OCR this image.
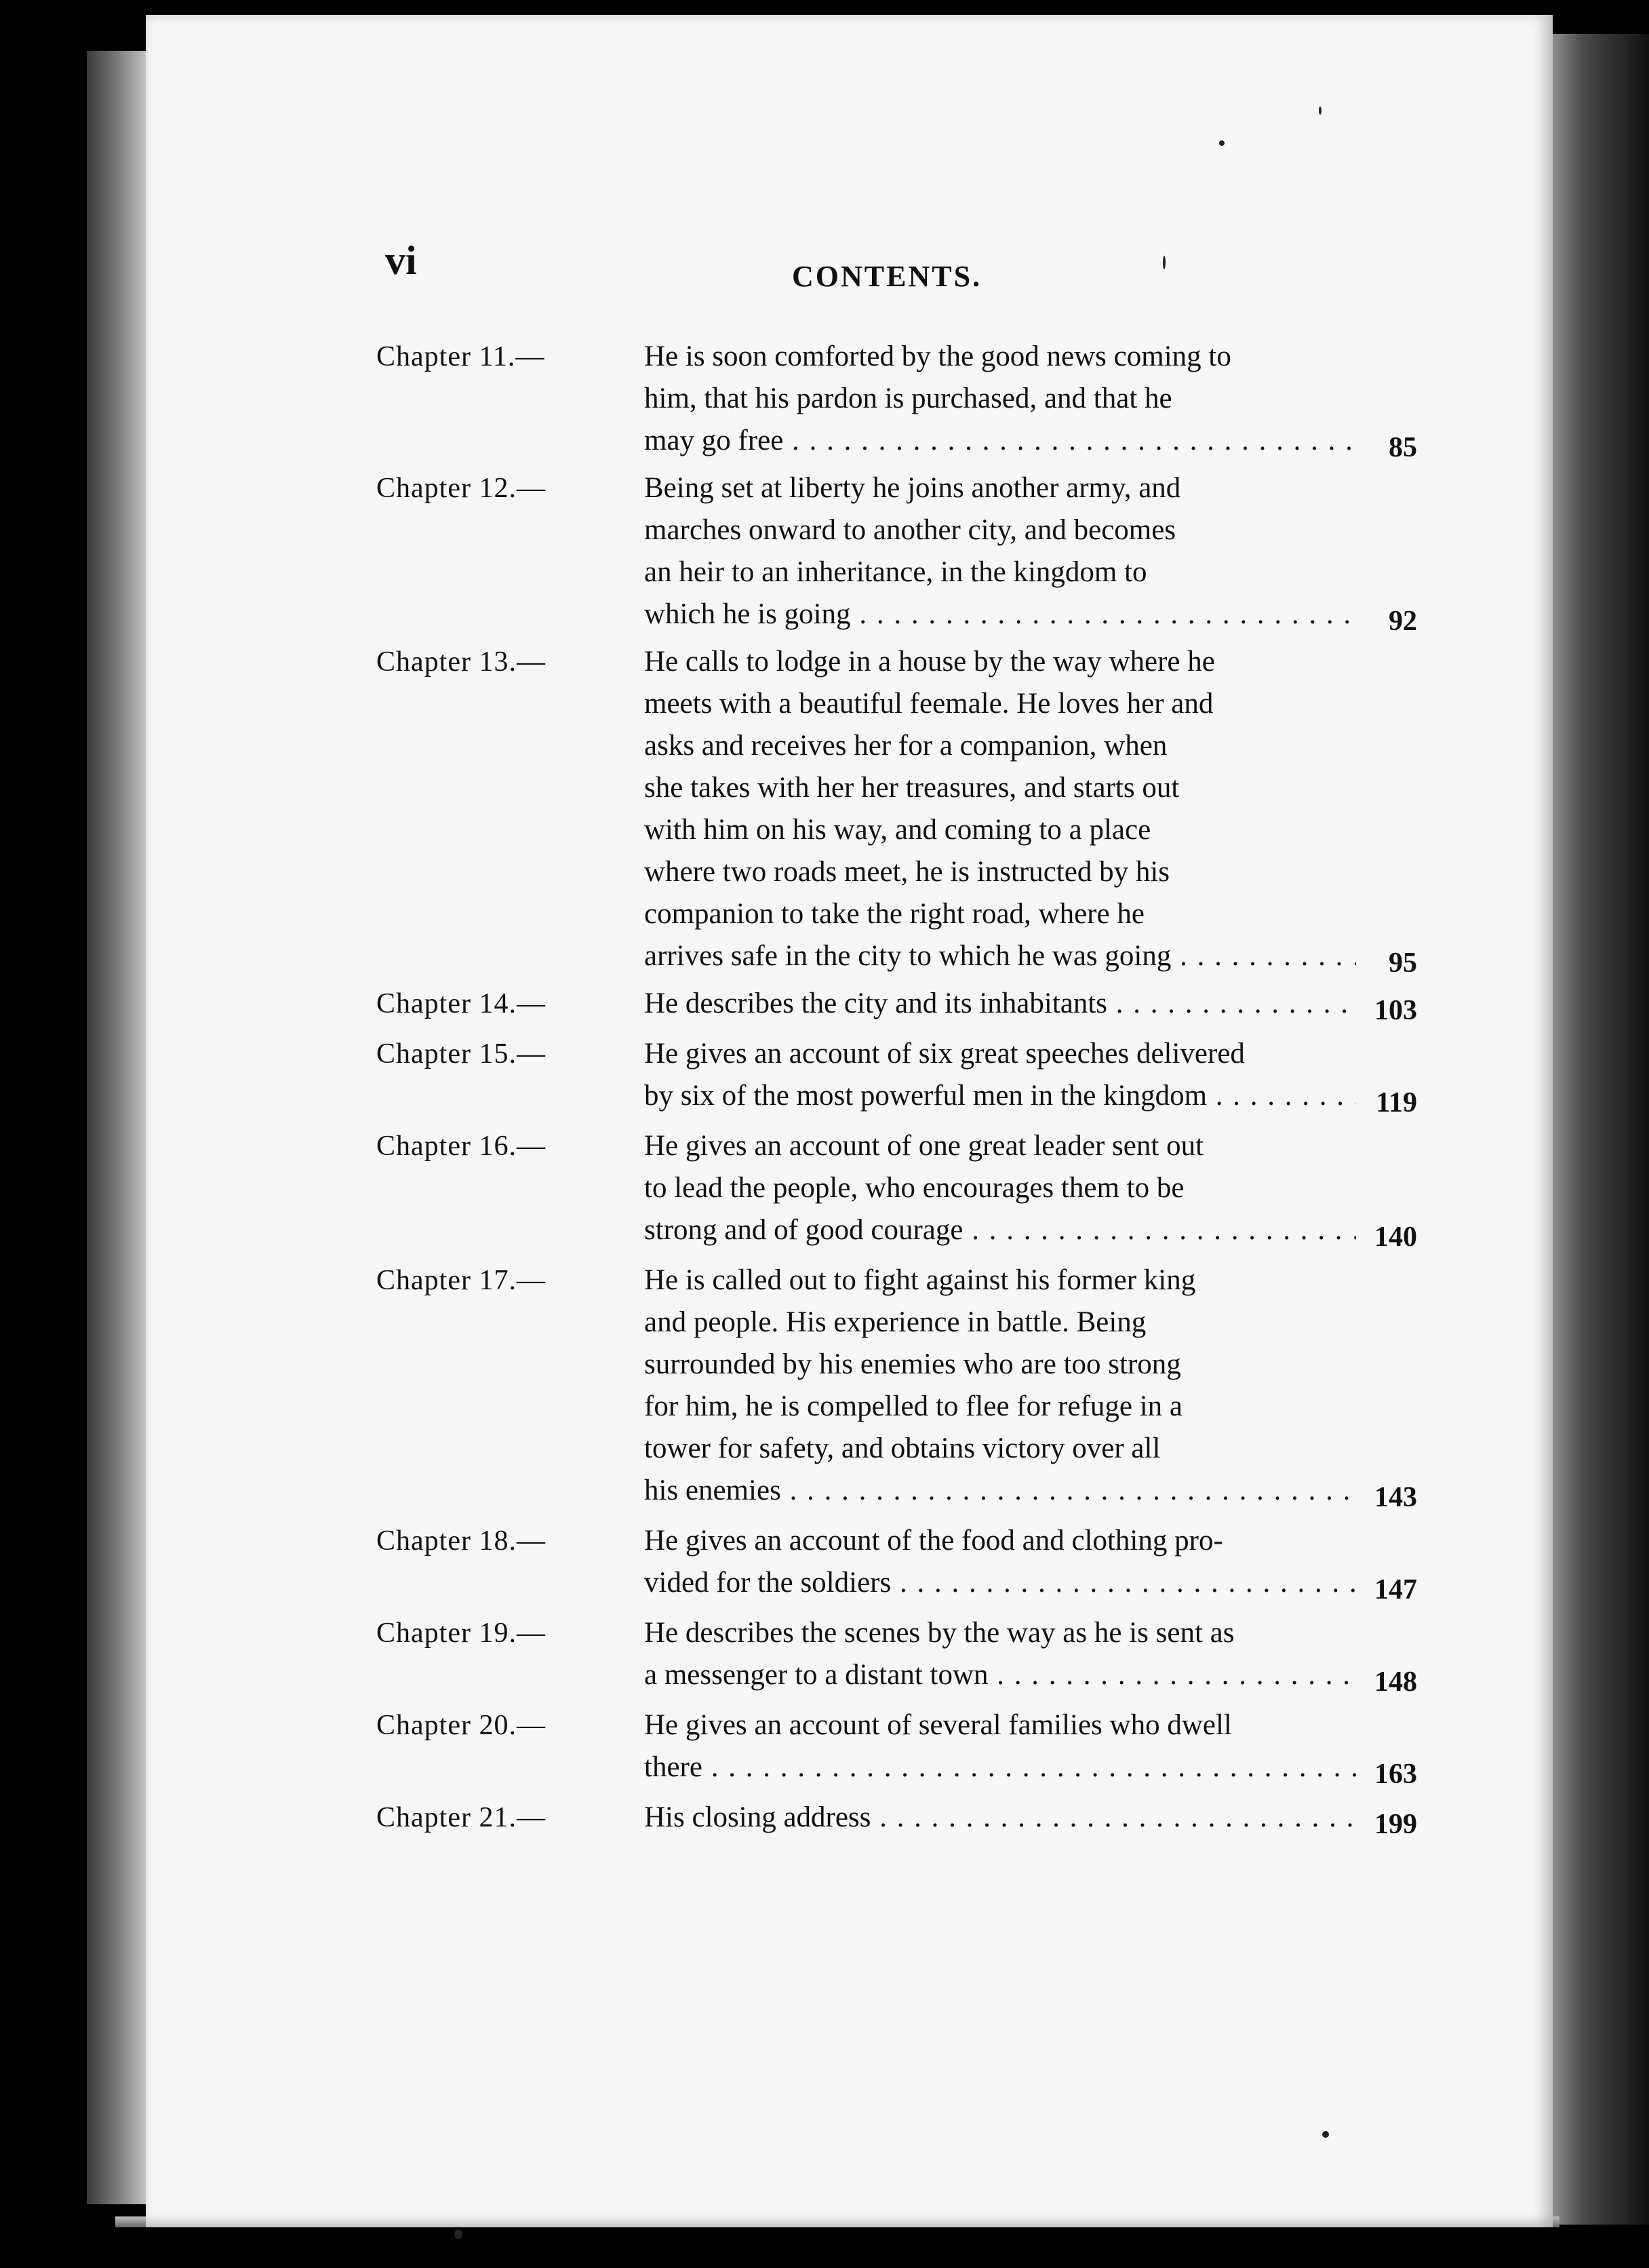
vi	CONTENTS.
Chapter 11.—	He is soon comforted by the good news coming to
him, that his pardon is purchased, and that he
may go free . . .	85
Chapter 12.—	Being set at liberty he joins another army, and
marches onward to another city, and becomes
an heir to an inheritance, in the kingdom to
which he is going . . .	92
Chapter 13.—	He calls to lodge in a house by the way where he
meets with a beautiful feemale. He loves her and
asks and receives her for a companion, when
she takes with her her treasures, and starts out
with him on his way, and coming to a place
where two roads meet, he is instructed by his
companion to take the right road, where he
arrives safe in the city to which he was going . . .	95
Chapter 14.—	He describes the city and its inhabitants . . .	103
Chapter 15.—	He gives an account of six great speeches delivered
by six of the most powerful men in the kingdom . . .	119
Chapter 16.—	He gives an account of one great leader sent out
to lead the people, who encourages them to be
strong and of good courage . . .	140
Chapter 17.—	He is called out to fight against his former king
and people. His experience in battle. Being
surrounded by his enemies who are too strong
for him, he is compelled to flee for refuge in a
tower for safety, and obtains victory over all
his enemies . . .	143
Chapter 18.—	He gives an account of the food and clothing pro-
vided for the soldiers . . .	147
Chapter 19.—	He describes the scenes by the way as he is sent as
a messenger to a distant town . . .	148
Chapter 20.—	He gives an account of several families who dwell
there . . .	163
Chapter 21.—	His closing address . . .	199
